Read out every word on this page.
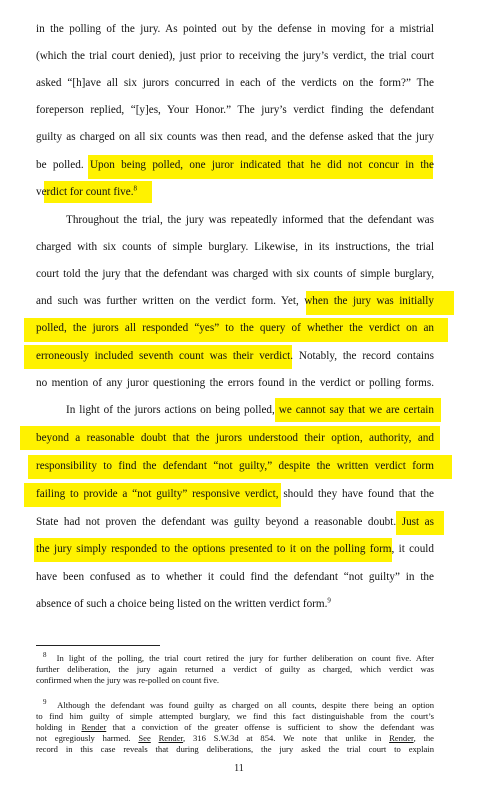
in the polling of the jury. As pointed out by the defense in moving for a mistrial

(which the trial court denied), just prior to receiving the jury’s verdict, the trial court

asked “[h]ave all six jurors concurred in each of the verdicts on the form?” The

foreperson replied, “[y]es, Your Honor.” The jury’s verdict finding the defendant

guilty as charged on all six counts was then read, and the defense asked that the jury

be polled. Upon being polled, one juror indicated that he did not concur in the

verdict for count five.$^8$

Throughout the trial, the jury was repeatedly informed that the defendant was

charged with six counts of simple burglary. Likewise, in its instructions, the trial

court told the jury that the defendant was charged with six counts of simple burglary,

and such was further written on the verdict form. Yet, when the jury was initially

polled, the jurors all responded “yes” to the query of whether the verdict on an

erroneously included seventh count was their verdict. Notably, the record contains

no mention of any juror questioning the errors found in the verdict or polling forms.

In light of the jurors actions on being polled, we cannot say that we are certain

beyond a reasonable doubt that the jurors understood their option, authority, and

responsibility to find the defendant “not guilty,” despite the written verdict form

failing to provide a “not guilty” responsive verdict, should they have found that the

State had not proven the defendant was guilty beyond a reasonable doubt. Just as

the jury simply responded to the options presented to it on the polling form, it could

have been confused as to whether it could find the defendant “not guilty” in the

absence of such a choice being listed on the written verdict form.$^9$

$^8$ In light of the polling, the trial court retired the jury for further deliberation on count five. After

further deliberation, the jury again returned a verdict of guilty as charged, which verdict was

confirmed when the jury was re-polled on count five.

$^9$ Although the defendant was found guilty as charged on all counts, despite there being an option

to find him guilty of simple attempted burglary, we find this fact distinguishable from the court’s

holding in Render that a conviction of the greater offense is sufficient to show the defendant was

not egregiously harmed. See Render, 316 S.W.3d at 854. We note that unlike in Render, the

record in this case reveals that during deliberations, the jury asked the trial court to explain

11
